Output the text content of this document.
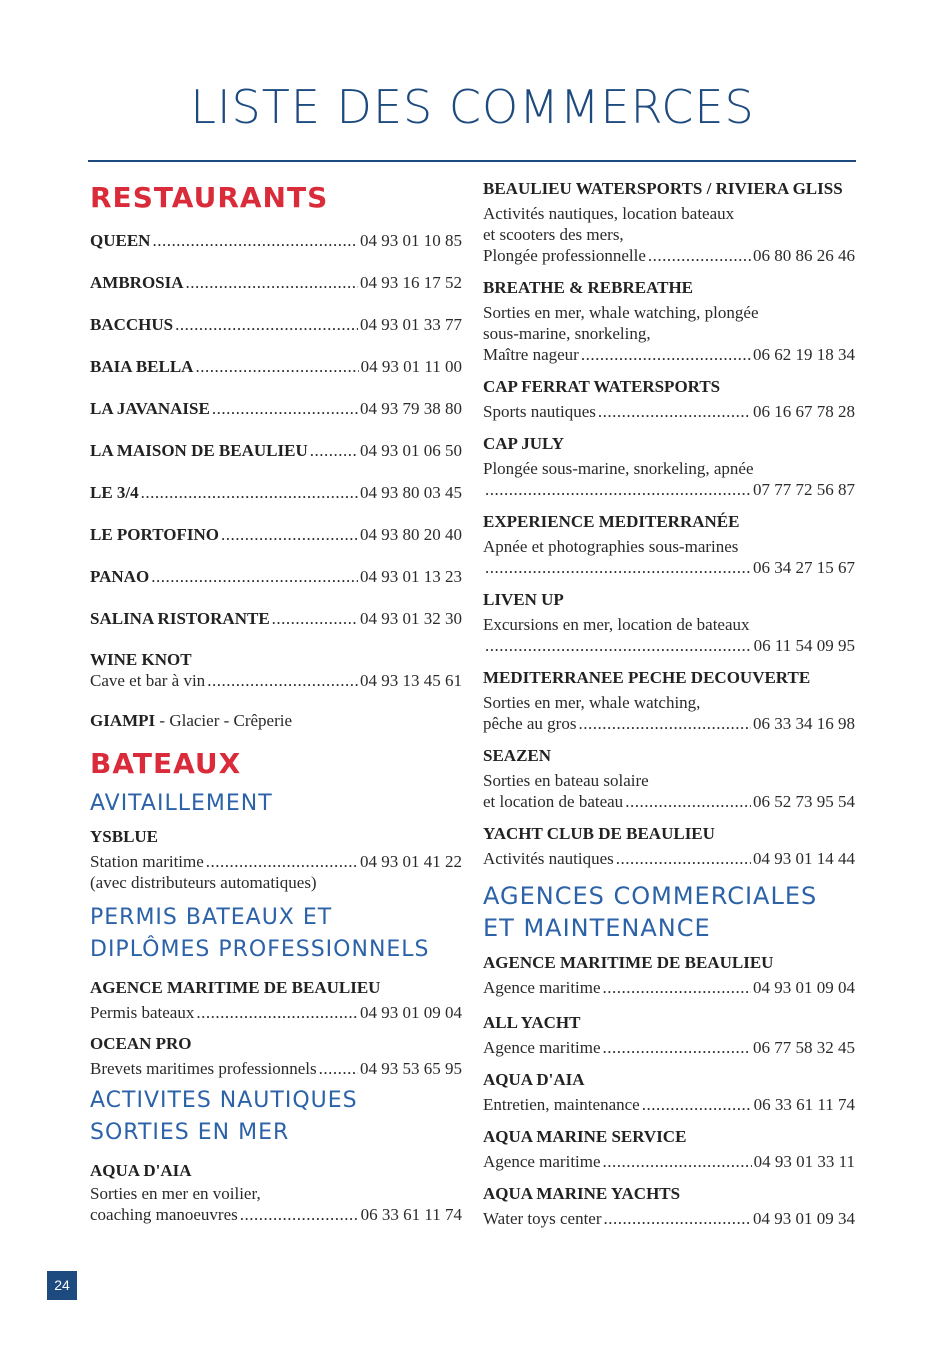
LISTE DES COMMERCES
RESTAURANTS
QUEEN .....	04 93 01 10 85
AMBROSIA .....	04 93 16 17 52
BACCHUS .....	04 93 01 33 77
BAIA BELLA .....	04 93 01 11 00
LA JAVANAISE .....	04 93 79 38 80
LA MAISON DE BEAULIEU .....	04 93 01 06 50
LE 3/4 .....	04 93 80 03 45
LE PORTOFINO .....	04 93 80 20 40
PANAO .....	04 93 01 13 23
SALINA RISTORANTE .....	04 93 01 32 30
WINE KNOT
Cave et bar à vin .....	04 93 13 45 61
GIAMPI - Glacier - Crêperie
BATEAUX
AVITAILLEMENT
YSBLUE
Station maritime .....	04 93 01 41 22
(avec distributeurs automatiques)
PERMIS BATEAUX ET
DIPLÔMES PROFESSIONNELS
AGENCE MARITIME DE BEAULIEU
Permis bateaux .....	04 93 01 09 04
OCEAN PRO
Brevets maritimes professionnels .....	04 93 53 65 95
ACTIVITES NAUTIQUES
SORTIES EN MER
AQUA D'AIA
Sorties en mer en voilier,
coaching manoeuvres .....	06 33 61 11 74
BEAULIEU WATERSPORTS / RIVIERA GLISS
Activités nautiques, location bateaux
et scooters des mers,
Plongée professionnelle .....	06 80 86 26 46
BREATHE & REBREATHE
Sorties en mer, whale watching, plongée
sous-marine, snorkeling,
Maître nageur .....	06 62 19 18 34
CAP FERRAT WATERSPORTS
Sports nautiques .....	06 16 67 78 28
CAP JULY
Plongée sous-marine, snorkeling, apnée
.....
07 77 72 56 87
EXPERIENCE MEDITERRANÉE
Apnée et photographies sous-marines
.....
06 34 27 15 67
LIVEN UP
Excursions en mer, location de bateaux
.....
06 11 54 09 95
MEDITERRANEE PECHE DECOUVERTE
Sorties en mer, whale watching,
pêche au gros .....	06 33 34 16 98
SEAZEN
Sorties en bateau solaire
et location de bateau .....	06 52 73 95 54
YACHT CLUB DE BEAULIEU
Activités nautiques .....	04 93 01 14 44
AGENCES COMMERCIALES
ET MAINTENANCE
AGENCE MARITIME DE BEAULIEU
Agence maritime .....	04 93 01 09 04
ALL YACHT
Agence maritime .....	06 77 58 32 45
AQUA D'AIA
Entretien, maintenance .....	06 33 61 11 74
AQUA MARINE SERVICE
Agence maritime .....	04 93 01 33 11
AQUA MARINE YACHTS
Water toys center .....	04 93 01 09 34
24
